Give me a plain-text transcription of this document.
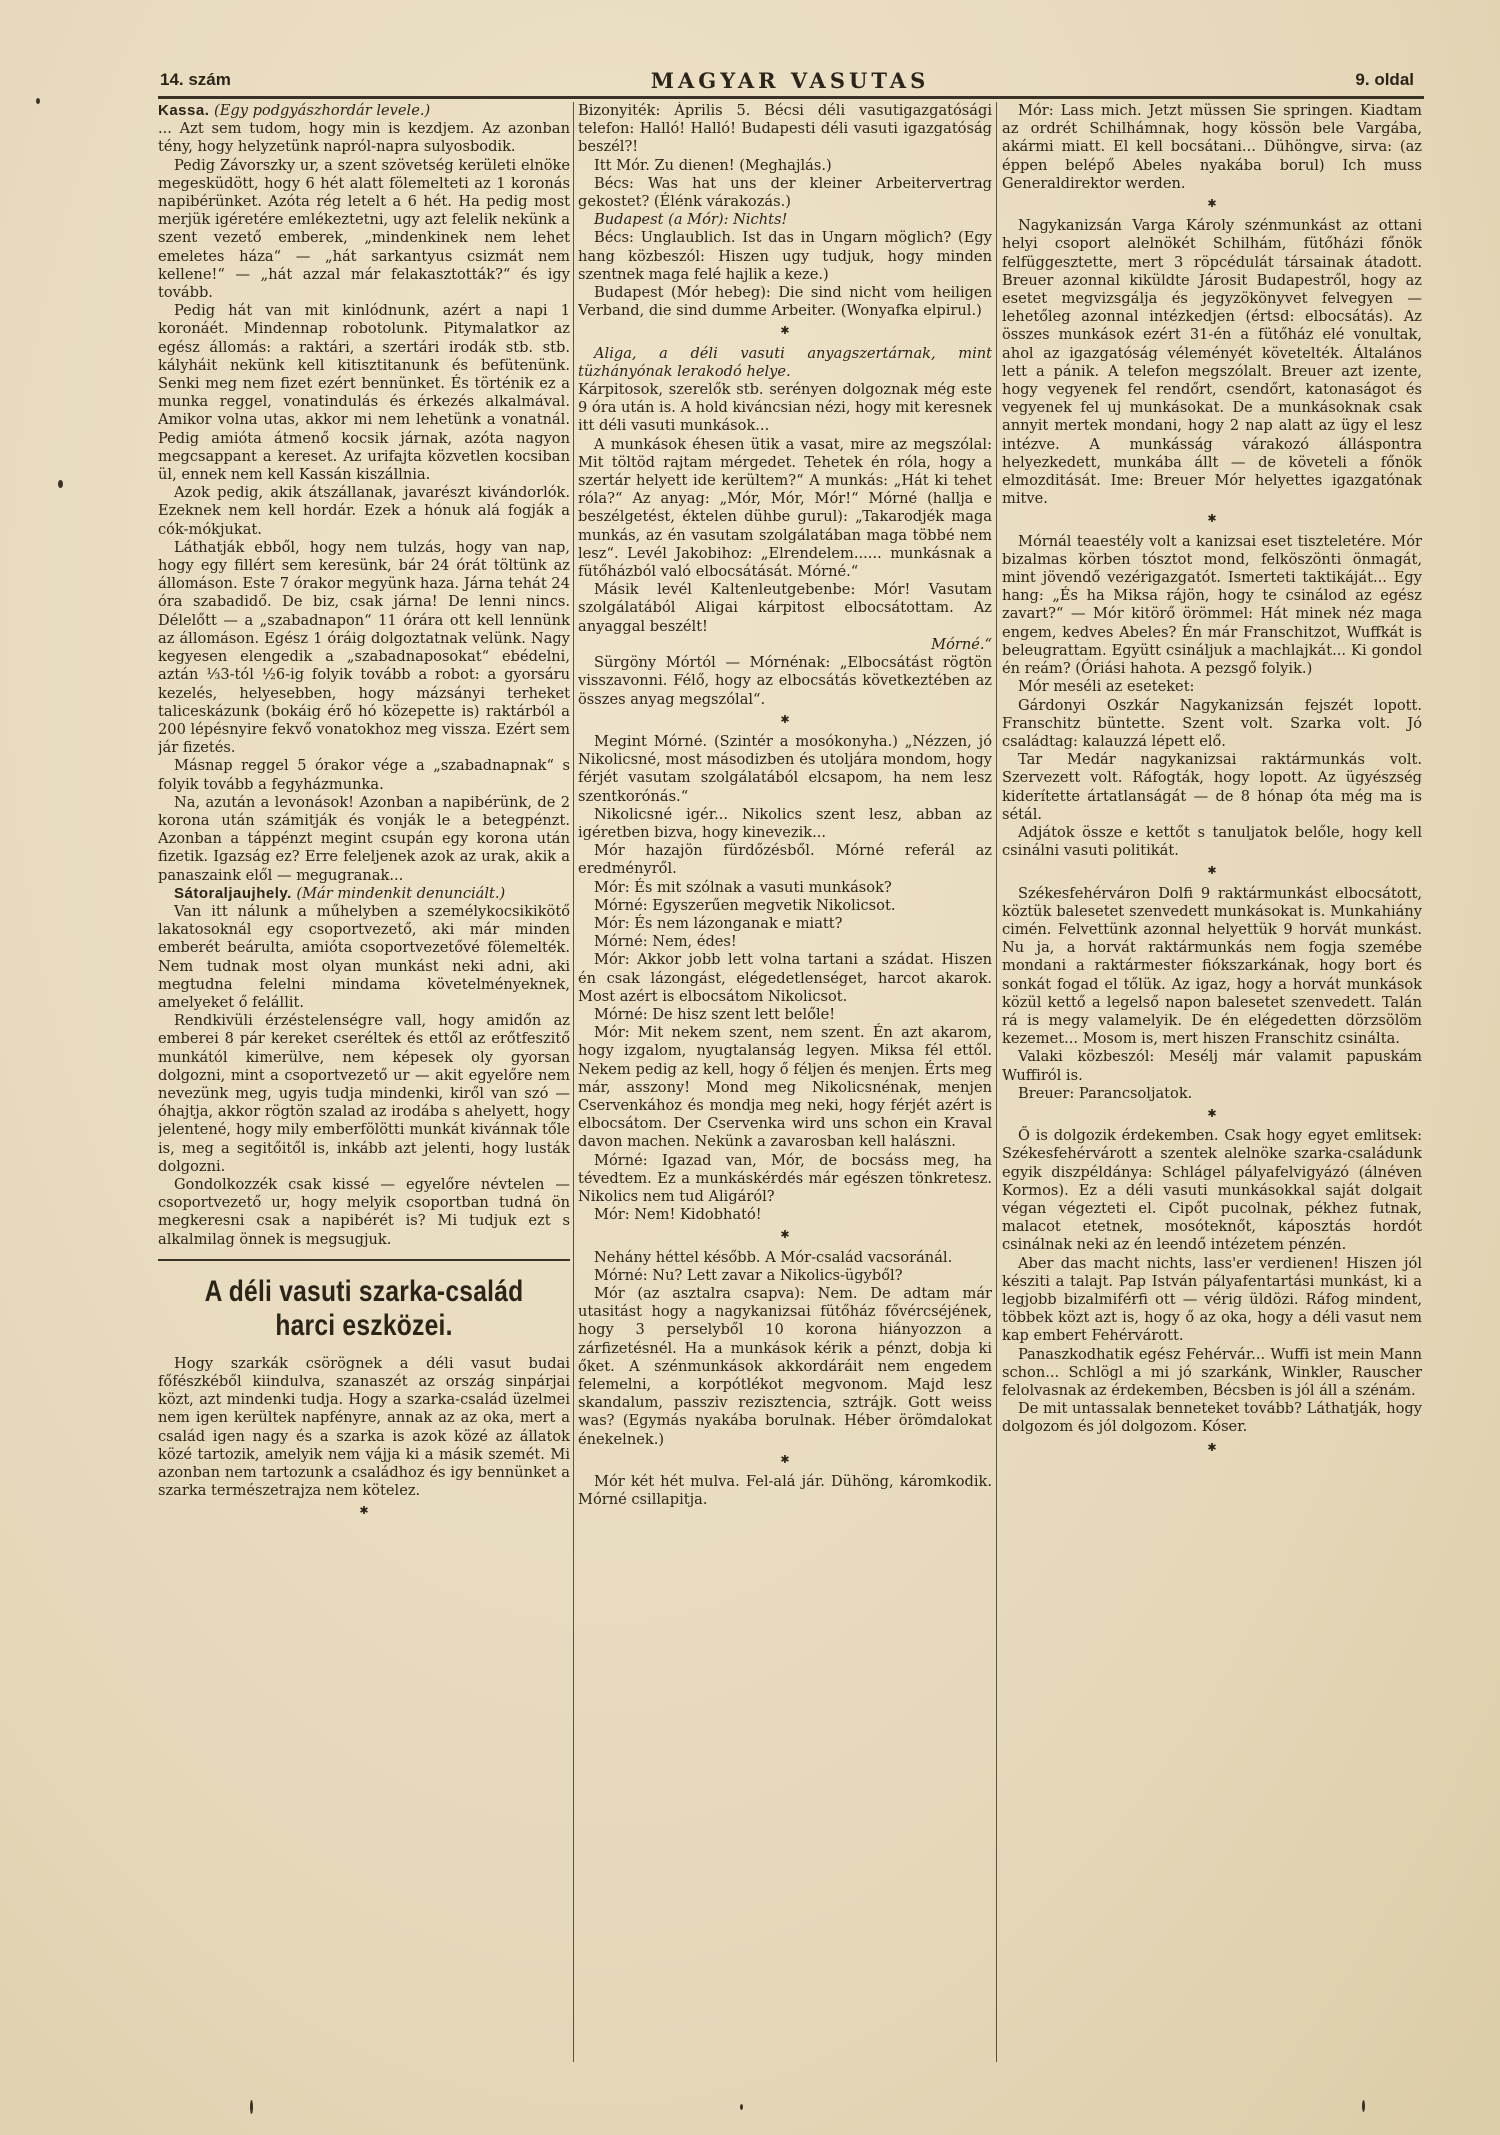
14. szám	MAGYAR VASUTAS	9. oldal

Kassa. (Egy podgyászhordár levele.)

... Azt sem tudom, hogy min is kezdjem. Az azonban tény, hogy helyzetünk napról-napra sulyosbodik.

Pedig Závorszky ur, a szent szövetség kerületi elnöke megesküdött, hogy 6 hét alatt fölemelteti az 1 koronás napibérünket. Azóta rég letelt a 6 hét. Ha pedig most merjük igéretére emlékeztetni, ugy azt felelik nekünk a szent vezető emberek, „mindenkinek nem lehet emeletes háza“ — „hát sarkantyus csizmát nem kellene!“ — „hát azzal már felakasztották?“ és igy tovább.

Pedig hát van mit kinlódnunk, azért a napi 1 koronáét. Mindennap robotolunk. Pitymalatkor az egész állomás: a raktári, a szertári irodák stb. stb. kályháit nekünk kell kitisztitanunk és befütenünk. Senki meg nem fizet ezért bennünket. És történik ez a munka reggel, vonatindulás és érkezés alkalmával. Amikor volna utas, akkor mi nem lehetünk a vonatnál. Pedig amióta átmenő kocsik járnak, azóta nagyon megcsappant a kereset. Az urifajta közvetlen kocsiban ül, ennek nem kell Kassán kiszállnia.

Azok pedig, akik átszállanak, javarészt kivándorlók. Ezeknek nem kell hordár. Ezek a hónuk alá fogják a cók-mókjukat.

Láthatják ebből, hogy nem tulzás, hogy van nap, hogy egy fillért sem keresünk, bár 24 órát töltünk az állomáson. Este 7 órakor megyünk haza. Járna tehát 24 óra szabadidő. De biz, csak járna! De lenni nincs. Délelőtt — a „szabadnapon“ 11 órára ott kell lennünk az állomáson. Egész 1 óráig dolgoztatnak velünk. Nagy kegyesen elengedik a „szabadnaposokat“ ebédelni, aztán ⅓3-tól ½6-ig folyik tovább a robot: a gyorsáru kezelés, helyesebben, hogy mázsányi terheket taliceskázunk (bokáig érő hó közepette is) raktárból a 200 lépésnyire fekvő vonatokhoz meg vissza. Ezért sem jár fizetés.

Másnap reggel 5 órakor vége a „szabadnapnak“ s folyik tovább a fegyházmunka.

Na, azután a levonások! Azonban a napibérünk, de 2 korona után számitják és vonják le a betegpénzt. Azonban a táppénzt megint csupán egy korona után fizetik. Igazság ez? Erre feleljenek azok az urak, akik a panaszaink elől — megugranak...

Sátoraljaujhely. (Már mindenkit denunciált.)

Van itt nálunk a műhelyben a személykocsikikötő lakatosoknál egy csoportvezető, aki már minden emberét beárulta, amióta csoportvezetővé fölemelték. Nem tudnak most olyan munkást neki adni, aki megtudna felelni mindama követelményeknek, amelyeket ő felállit.

Rendkivüli érzéstelenségre vall, hogy amidőn az emberei 8 pár kereket cseréltek és ettől az erőtfeszitő munkától kimerülve, nem képesek oly gyorsan dolgozni, mint a csoportvezető ur — akit egyelőre nem nevezünk meg, ugyis tudja mindenki, kiről van szó — óhajtja, akkor rögtön szalad az irodába s ahelyett, hogy jelentené, hogy mily emberfölötti munkát kivánnak tőle is, meg a segitőitől is, inkább azt jelenti, hogy lusták dolgozni.

Gondolkozzék csak kissé — egyelőre névtelen — csoportvezető ur, hogy melyik csoportban tudná ön megkeresni csak a napibérét is? Mi tudjuk ezt s alkalmilag önnek is megsugjuk.

A déli vasuti szarka-család harci eszközei.

Hogy szarkák csörögnek a déli vasut budai főfészkéből kiindulva, szanaszét az ország sinpárjai közt, azt mindenki tudja. Hogy a szarka-család üzelmei nem igen kerültek napfényre, annak az az oka, mert a család igen nagy és a szarka is azok közé az állatok közé tartozik, amelyik nem vájja ki a másik szemét. Mi azonban nem tartozunk a családhoz és igy bennünket a szarka természetrajza nem kötelez.

✱

Bizonyiték: Április 5. Bécsi déli vasutigazgatósági telefon: Halló! Halló! Budapesti déli vasuti igazgatóság beszél?!

Itt Mór. Zu dienen! (Meghajlás.)

Bécs: Was hat uns der kleiner Arbeitervertrag gekostet? (Élénk várakozás.)

Budapest (a Mór): Nichts!

Bécs: Unglaublich. Ist das in Ungarn möglich? (Egy hang közbeszól: Hiszen ugy tudjuk, hogy minden szentnek maga felé hajlik a keze.)

Budapest (Mór hebeg): Die sind nicht vom heiligen Verband, die sind dumme Arbeiter. (Wonyafka elpirul.)

✱

Aliga, a déli vasuti anyagszertárnak, mint tüzhányónak lerakodó helye.

Kárpitosok, szerelők stb. serényen dolgoznak még este 9 óra után is. A hold kiváncsian nézi, hogy mit keresnek itt déli vasuti munkások...

A munkások éhesen ütik a vasat, mire az megszólal: Mit töltöd rajtam mérgedet. Tehetek én róla, hogy a szertár helyett ide kerültem?“ A munkás: „Hát ki tehet róla?“ Az anyag: „Mór, Mór, Mór!“ Mórné (hallja e beszélgetést, éktelen dühbe gurul): „Takarodjék maga munkás, az én vasutam szolgálatában maga többé nem lesz“. Levél Jakobihoz: „Elrendelem...... munkásnak a fütőházból való elbocsátását. Mórné.“

Másik levél Kaltenleutgebenbe: Mór! Vasutam szolgálatából Aligai kárpitost elbocsátottam. Az anyaggal beszélt!

Mórné.“

Sürgöny Mórtól — Mórnénak: „Elbocsátást rögtön visszavonni. Félő, hogy az elbocsátás következtében az összes anyag megszólal“.

✱

Megint Mórné. (Szintér a mosókonyha.) „Nézzen, jó Nikolicsné, most másodizben és utoljára mondom, hogy férjét vasutam szolgálatából elcsapom, ha nem lesz szentkorónás.“

Nikolicsné igér... Nikolics szent lesz, abban az igéretben bizva, hogy kinevezik...

Mór hazajön fürdőzésből. Mórné referál az eredményről.

Mór: És mit szólnak a vasuti munkások?

Mórné: Egyszerűen megvetik Nikolicsot.

Mór: És nem lázonganak e miatt?

Mórné: Nem, édes!

Mór: Akkor jobb lett volna tartani a szádat. Hiszen én csak lázongást, elégedetlenséget, harcot akarok. Most azért is elbocsátom Nikolicsot.

Mórné: De hisz szent lett belőle!

Mór: Mit nekem szent, nem szent. Én azt akarom, hogy izgalom, nyugtalanság legyen. Miksa fél ettől. Nekem pedig az kell, hogy ő féljen és menjen. Érts meg már, asszony! Mond meg Nikolicsnénak, menjen Cservenkához és mondja meg neki, hogy férjét azért is elbocsátom. Der Cservenka wird uns schon ein Kraval davon machen. Nekünk a zavarosban kell halászni.

Mórné: Igazad van, Mór, de bocsáss meg, ha tévedtem. Ez a munkáskérdés már egészen tönkretesz. Nikolics nem tud Aligáról?

Mór: Nem! Kidobható!

✱

Nehány héttel később. A Mór-család vacsoránál.

Mórné: Nu? Lett zavar a Nikolics-ügyből?

Mór (az asztalra csapva): Nem. De adtam már utasitást hogy a nagykanizsai fütőház fővércséjének, hogy 3 perselyből 10 korona hiányozzon a zárfizetésnél. Ha a munkások kérik a pénzt, dobja ki őket. A szénmunkások akkordáráit nem engedem felemelni, a korpótlékot megvonom. Majd lesz skandalum, passziv rezisztencia, sztrájk. Gott weiss was? (Egymás nyakába borulnak. Héber örömdalokat énekelnek.)

✱

Mór két hét mulva. Fel-alá jár. Dühöng, káromkodik. Mórné csillapitja.

Mór: Lass mich. Jetzt müssen Sie springen. Kiadtam az ordrét Schilhámnak, hogy kössön bele Vargába, akármi miatt. El kell bocsátani... Dühöngve, sirva: (az éppen belépő Abeles nyakába borul) Ich muss Generaldirektor werden.

✱

Nagykanizsán Varga Károly szénmunkást az ottani helyi csoport alelnökét Schilhám, fütőházi főnök felfüggesztette, mert 3 röpcédulát társainak átadott. Breuer azonnal kiküldte Járosit Budapestről, hogy az esetet megvizsgálja és jegyzökönyvet felvegyen — lehetőleg azonnal intézkedjen (értsd: elbocsátás). Az összes munkások ezért 31-én a fütőház elé vonultak, ahol az igazgatóság véleményét követelték. Általános lett a pánik. A telefon megszólalt. Breuer azt izente, hogy vegyenek fel rendőrt, csendőrt, katonaságot és vegyenek fel uj munkásokat. De a munkásoknak csak annyit mertek mondani, hogy 2 nap alatt az ügy el lesz intézve. A munkásság várakozó álláspontra helyezkedett, munkába állt — de követeli a főnök elmozditását. Ime: Breuer Mór helyettes igazgatónak mitve.

✱

Mórnál teaestély volt a kanizsai eset tiszteletére. Mór bizalmas körben tósztot mond, felköszönti önmagát, mint jövendő vezérigazgatót. Ismerteti taktikáját... Egy hang: „És ha Miksa rájön, hogy te csinálod az egész zavart?“ — Mór kitörő örömmel: Hát minek néz maga engem, kedves Abeles? Én már Franschitzot, Wuffkát is beleugrattam. Együtt csináljuk a machlajkát... Ki gondol én reám? (Óriási hahota. A pezsgő folyik.)

Mór meséli az eseteket:

Gárdonyi Oszkár Nagykanizsán fejszét lopott. Franschitz büntette. Szent volt. Szarka volt. Jó családtag: kalauzzá lépett elő.

Tar Medár nagykanizsai raktármunkás volt. Szervezett volt. Ráfogták, hogy lopott. Az ügyészség kiderítette ártatlanságát — de 8 hónap óta még ma is sétál.

Adjátok össze e kettőt s tanuljatok belőle, hogy kell csinálni vasuti politikát.

✱

Székesfehérváron Dolfi 9 raktármunkást elbocsátott, köztük balesetet szenvedett munkásokat is. Munkahiány cimén. Felvettünk azonnal helyettük 9 horvát munkást. Nu ja, a horvát raktármunkás nem fogja szemébe mondani a raktármester fiókszarkának, hogy bort és sonkát fogad el tőlük. Az igaz, hogy a horvát munkások közül kettő a legelső napon balesetet szenvedett. Talán rá is megy valamelyik. De én elégedetten dörzsölöm kezemet... Mosom is, mert hiszen Franschitz csinálta.

Valaki közbeszól: Mesélj már valamit papuskám Wuffiról is.

Breuer: Parancsoljatok.

✱

Ő is dolgozik érdekemben. Csak hogy egyet emlitsek: Székesfehérvárott a szentek alelnöke szarka-családunk egyik diszpéldánya: Schlágel pályafelvigyázó (álnéven Kormos). Ez a déli vasuti munkásokkal saját dolgait végan végezteti el. Cipőt pucolnak, pékhez futnak, malacot etetnek, mosóteknőt, káposztás hordót csinálnak neki az én leendő intézetem pénzén.

Aber das macht nichts, lass'er verdienen! Hiszen jól késziti a talajt. Pap István pályafentartási munkást, ki a legjobb bizalmiférfi ott — vérig üldözi. Ráfog mindent, többek közt azt is, hogy ő az oka, hogy a déli vasut nem kap embert Fehérvárott.

Panaszkodhatik egész Fehérvár... Wuffi ist mein Mann schon... Schlögl a mi jó szarkánk, Winkler, Rauscher felolvasnak az érdekemben, Bécsben is jól áll a szénám.

De mit untassalak benneteket tovább? Láthatják, hogy dolgozom és jól dolgozom. Kóser.

✱
